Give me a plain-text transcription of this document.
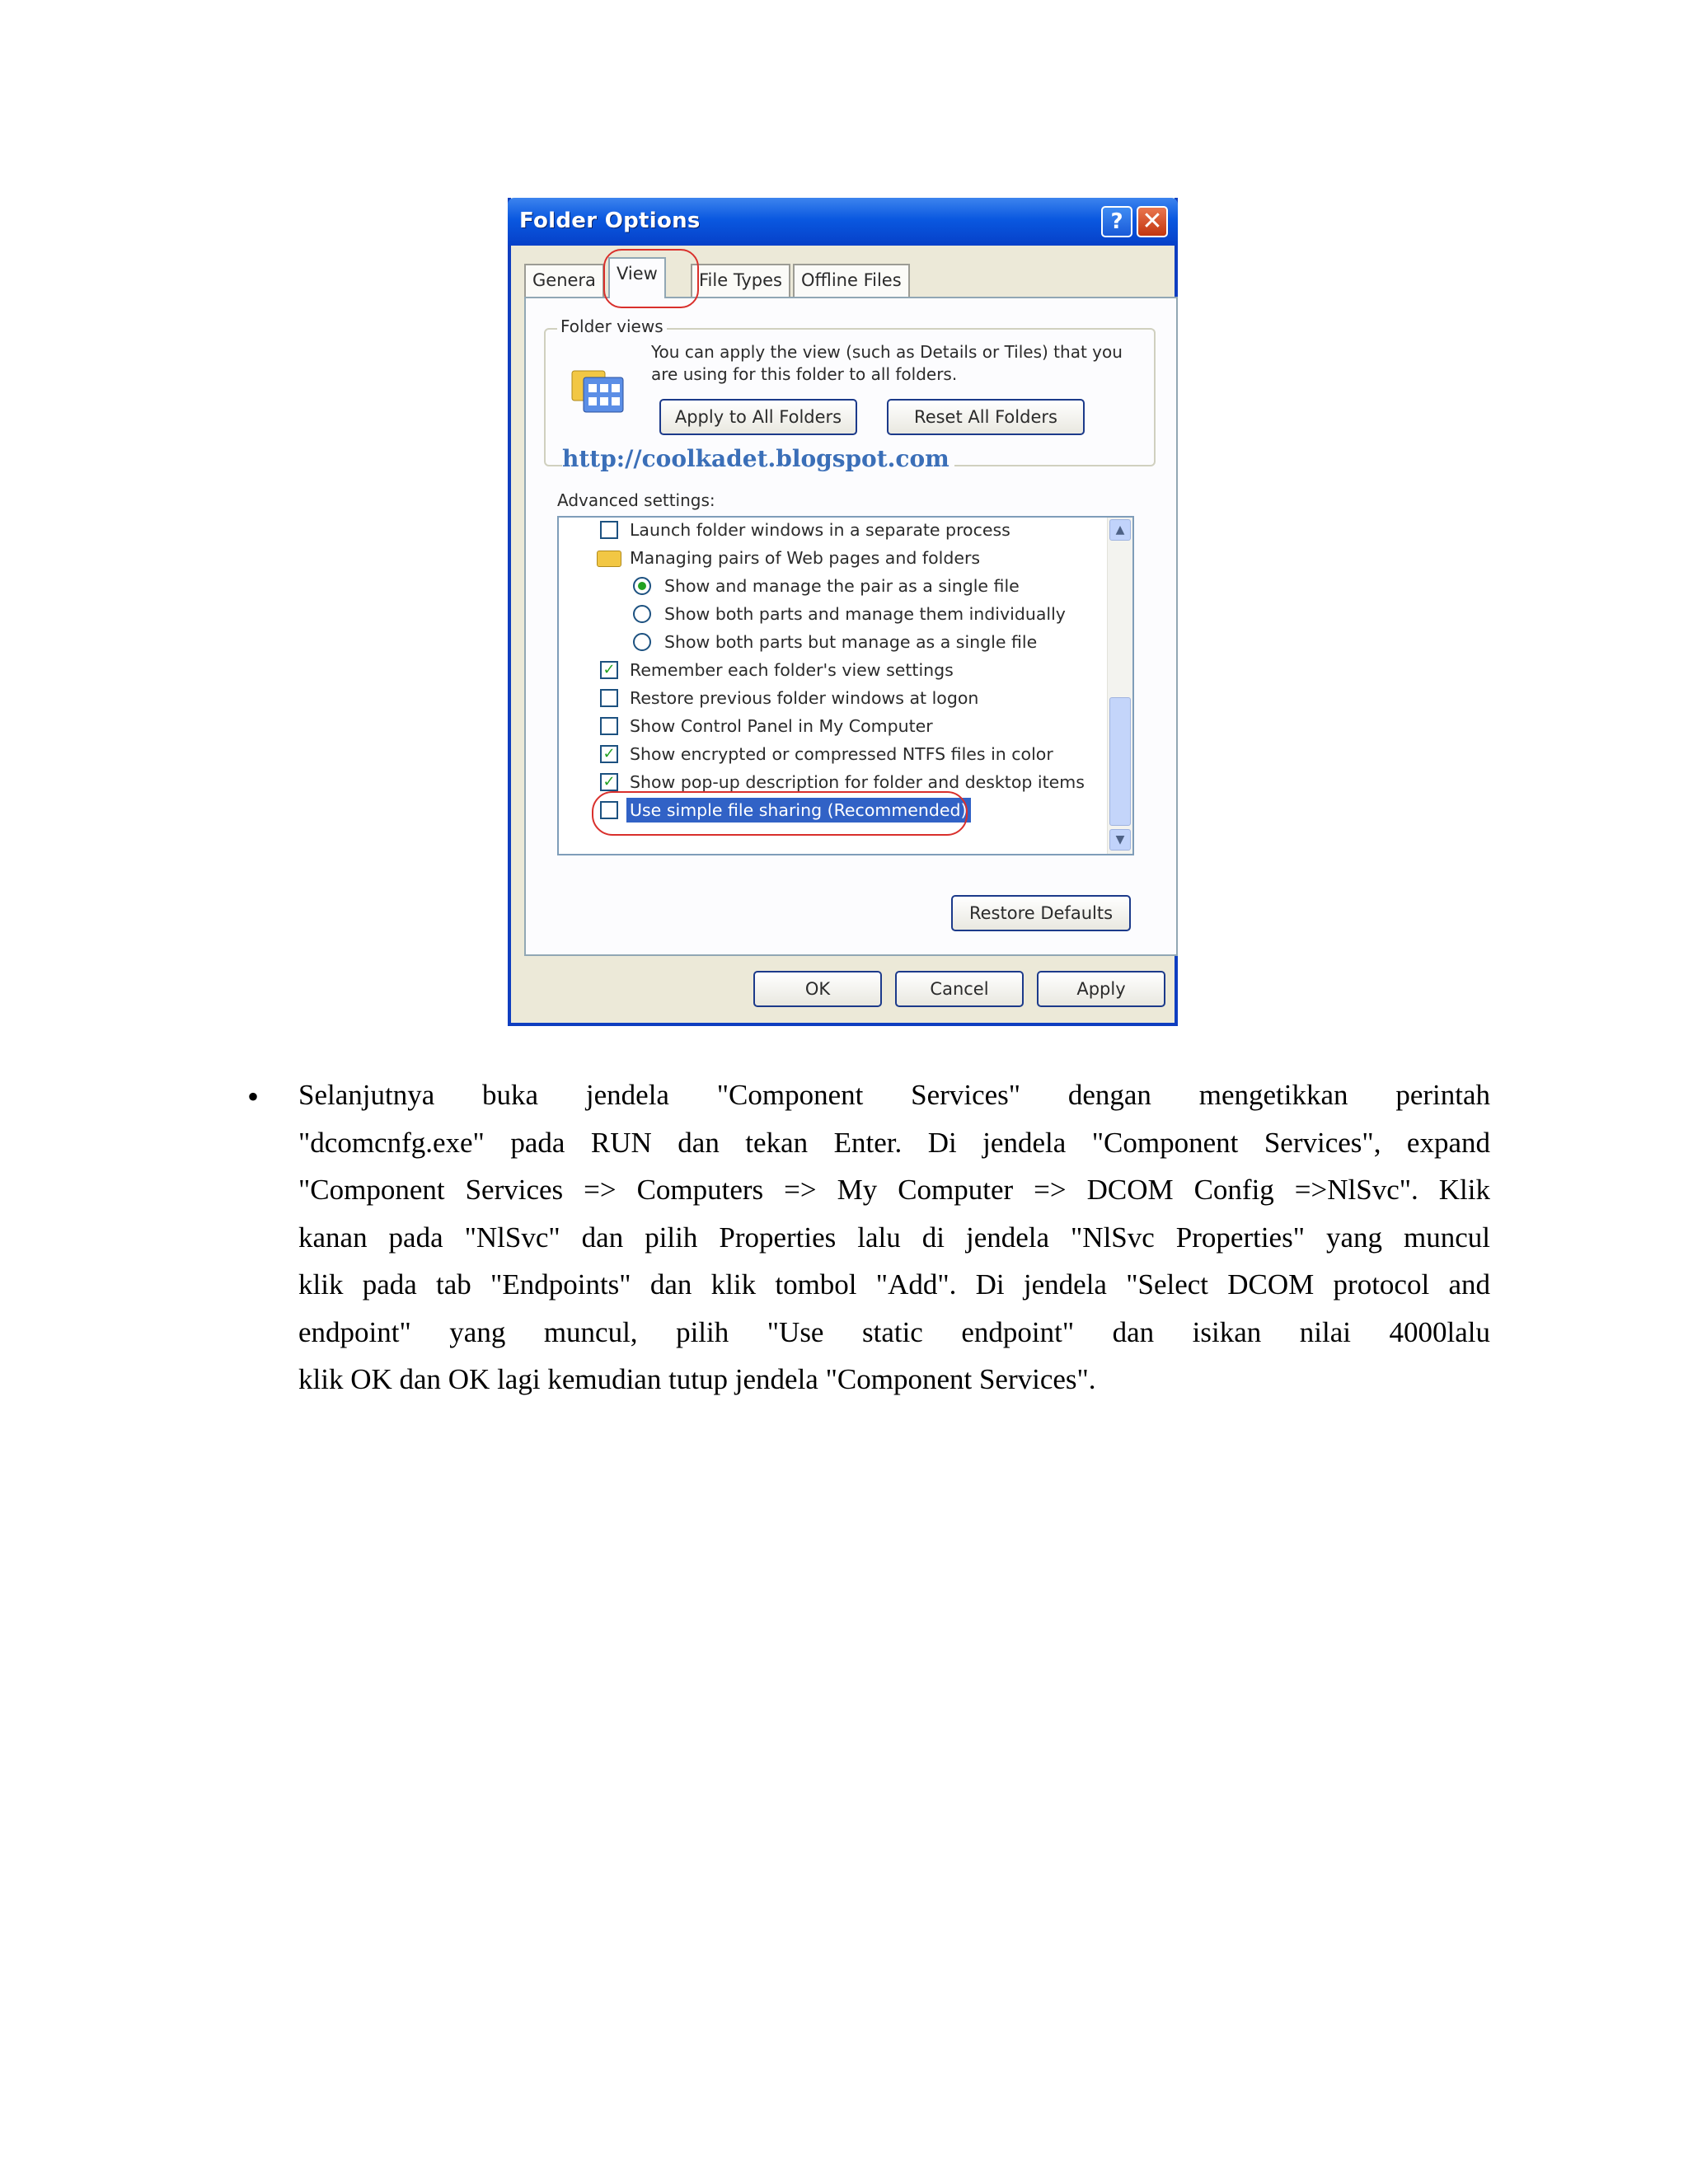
Folder Options	? ✕
Genera	View	File Types	Offline Files
Folder views
You can apply the view (such as Details or Tiles) that you are using for this folder to all folders.
Apply to All Folders	Reset All Folders
http://coolkadet.blogspot.com
Advanced settings:
Launch folder windows in a separate process
Managing pairs of Web pages and folders
Show and manage the pair as a single file
Show both parts and manage them individually
Show both parts but manage as a single file
✓ Remember each folder's view settings
Restore previous folder windows at logon
Show Control Panel in My Computer
✓ Show encrypted or compressed NTFS files in color
✓ Show pop-up description for folder and desktop items
Use simple file sharing (Recommended)
▲
▼
Restore Defaults
OK	Cancel	Apply
• Selanjutnya buka jendela "Component Services" dengan mengetikkan perintah
"dcomcnfg.exe" pada RUN dan tekan Enter. Di jendela "Component Services", expand
"Component Services => Computers => My Computer => DCOM Config =>NlSvc". Klik
kanan pada "NlSvc" dan pilih Properties lalu di jendela "NlSvc Properties" yang muncul
klik pada tab "Endpoints" dan klik tombol "Add". Di jendela "Select DCOM protocol and
endpoint" yang muncul, pilih "Use static endpoint" dan isikan nilai 4000lalu
klik OK dan OK lagi kemudian tutup jendela "Component Services".
